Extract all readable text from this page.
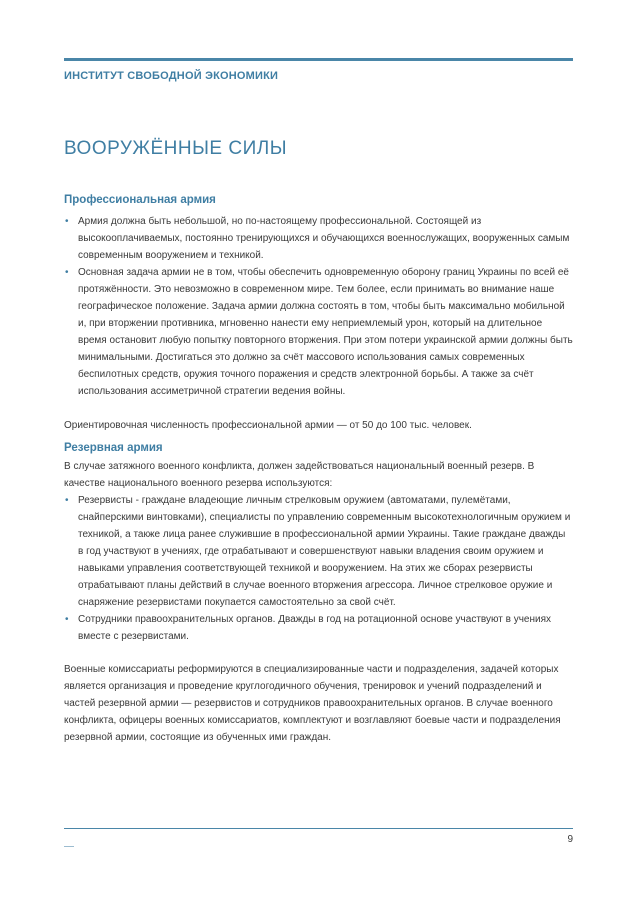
ИНСТИТУТ СВОБОДНОЙ ЭКОНОМИКИ
ВООРУЖЁННЫЕ СИЛЫ

Профессиональная армия

• Армия должна быть небольшой, но по-настоящему профессиональной. Состоящей из высокооплачиваемых, постоянно тренирующихся и обучающихся военнослужащих, вооруженных самым современным вооружением и техникой.
• Основная задача армии не в том, чтобы обеспечить одновременную оборону границ Украины по всей её протяжённости. Это невозможно в современном мире. Тем более, если принимать во внимание наше географическое положение. Задача армии должна состоять в том, чтобы быть максимально мобильной и, при вторжении противника, мгновенно нанести ему неприемлемый урон, который на длительное время остановит любую попытку повторного вторжения. При этом потери украинской армии должны быть минимальными. Достигаться это должно за счёт массового использования самых современных беспилотных средств, оружия точного поражения и средств электронной борьбы. А также за счёт использования ассиметричной стратегии ведения войны.

Ориентировочная численность профессиональной армии — от 50 до 100 тыс. человек.

Резервная армия

В случае затяжного военного конфликта, должен задействоваться национальный военный резерв. В качестве национального военного резерва используются:

• Резервисты - граждане владеющие личным стрелковым оружием (автоматами, пулемётами, снайперскими винтовками), специалисты по управлению современным высокотехнологичным оружием и техникой, а также лица ранее служившие в профессиональной армии Украины. Такие граждане дважды в год участвуют в учениях, где отрабатывают и совершенствуют навыки владения своим оружием и навыками управления соответствующей техникой и вооружением. На этих же сборах резервисты отрабатывают планы действий в случае военного вторжения агрессора. Личное стрелковое оружие и снаряжение резервистами покупается самостоятельно за свой счёт.
• Сотрудники правоохранительных органов. Дважды в год на ротационной основе участвуют в учениях вместе с резервистами.

Военные комиссариаты реформируются в специализированные части и подразделения, задачей которых является организация и проведение круглогодичного обучения, тренировок и учений подразделений и частей резервной армии — резервистов и сотрудников правоохранительных органов. В случае военного конфликта, офицеры военных комиссариатов, комплектуют и возглавляют боевые части и подразделения резервной армии, состоящие из обученных ими граждан.

9
